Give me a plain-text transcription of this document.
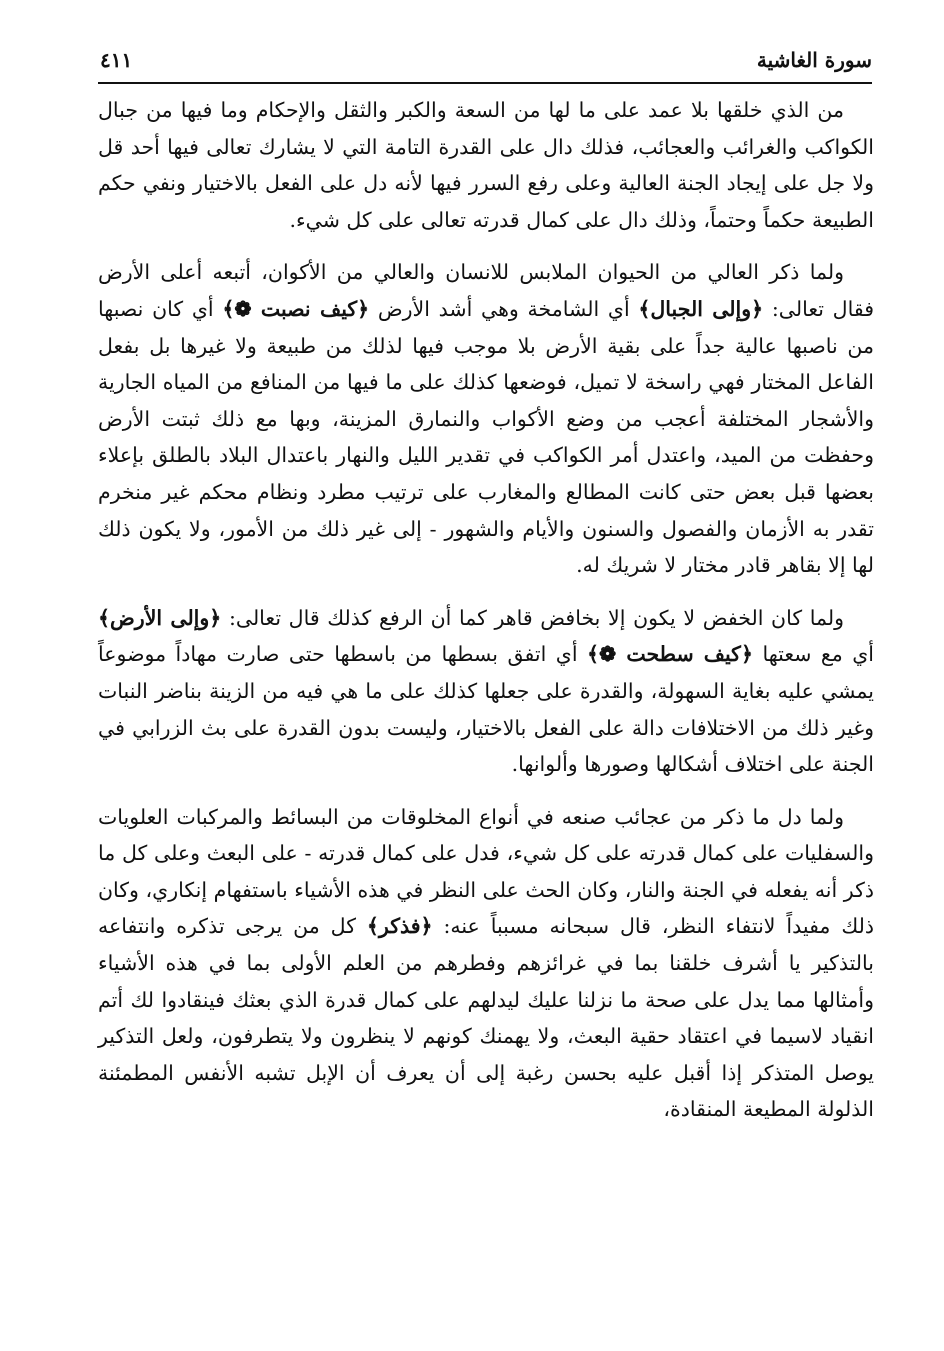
سورة الغاشية
٤١١

من الذي خلقها بلا عمد على ما لها من السعة والكبر والثقل والإحكام وما فيها من جبال الكواكب والغرائب والعجائب، فذلك دال على القدرة التامة التي لا يشارك تعالى فيها أحد قل ولا جل على إيجاد الجنة العالية وعلى رفع السرر فيها لأنه دل على الفعل بالاختيار ونفي حكم الطبيعة حكماً وحتماً، وذلك دال على كمال قدرته تعالى على كل شيء.

ولما ذكر العالي من الحيوان الملابس للانسان والعالي من الأكوان، أتبعه أعلى الأرض فقال تعالى: ﴿وإلى الجبال﴾ أي الشامخة وهي أشد الأرض ﴿كيف نصبت ❁﴾ أي كان نصبها من ناصبها عالية جداً على بقية الأرض بلا موجب فيها لذلك من طبيعة ولا غيرها بل بفعل الفاعل المختار فهي راسخة لا تميل، فوضعها كذلك على ما فيها من المنافع من المياه الجارية والأشجار المختلفة أعجب من وضع الأكواب والنمارق المزينة، وبها مع ذلك ثبتت الأرض وحفظت من الميد، واعتدل أمر الكواكب في تقدير الليل والنهار باعتدال البلاد بالطلق بإعلاء بعضها قبل بعض حتى كانت المطالع والمغارب على ترتيب مطرد ونظام محكم غير منخرم تقدر به الأزمان والفصول والسنون والأيام والشهور - إلى غير ذلك من الأمور، ولا يكون ذلك لها إلا بقاهر قادر مختار لا شريك له.

ولما كان الخفض لا يكون إلا بخافض قاهر كما أن الرفع كذلك قال تعالى: ﴿وإلى الأرض﴾ أي مع سعتها ﴿كيف سطحت ❁﴾ أي اتفق بسطها من باسطها حتى صارت مهاداً موضوعاً يمشي عليه بغاية السهولة، والقدرة على جعلها كذلك على ما هي فيه من الزينة بناضر النبات وغير ذلك من الاختلافات دالة على الفعل بالاختيار، وليست بدون القدرة على بث الزرابي في الجنة على اختلاف أشكالها وصورها وألوانها.

ولما دل ما ذكر من عجائب صنعه في أنواع المخلوقات من البسائط والمركبات العلويات والسفليات على كمال قدرته على كل شيء، فدل على كمال قدرته - على البعث وعلى كل ما ذكر أنه يفعله في الجنة والنار، وكان الحث على النظر في هذه الأشياء باستفهام إنكاري، وكان ذلك مفيداً لانتفاء النظر، قال سبحانه مسبباً عنه: ﴿فذكر﴾ كل من يرجى تذكره وانتفاعه بالتذكير يا أشرف خلقنا بما في غرائزهم وفطرهم من العلم الأولى بما في هذه الأشياء وأمثالها مما يدل على صحة ما نزلنا عليك ليدلهم على كمال قدرة الذي بعثك فينقادوا لك أتم انقياد لاسيما في اعتقاد حقية البعث، ولا يهمنك كونهم لا ينظرون ولا يتطرفون، ولعل التذكير يوصل المتذكر إذا أقبل عليه بحسن رغبة إلى أن يعرف أن الإبل تشبه الأنفس المطمئنة الذلولة المطيعة المنقادة،
